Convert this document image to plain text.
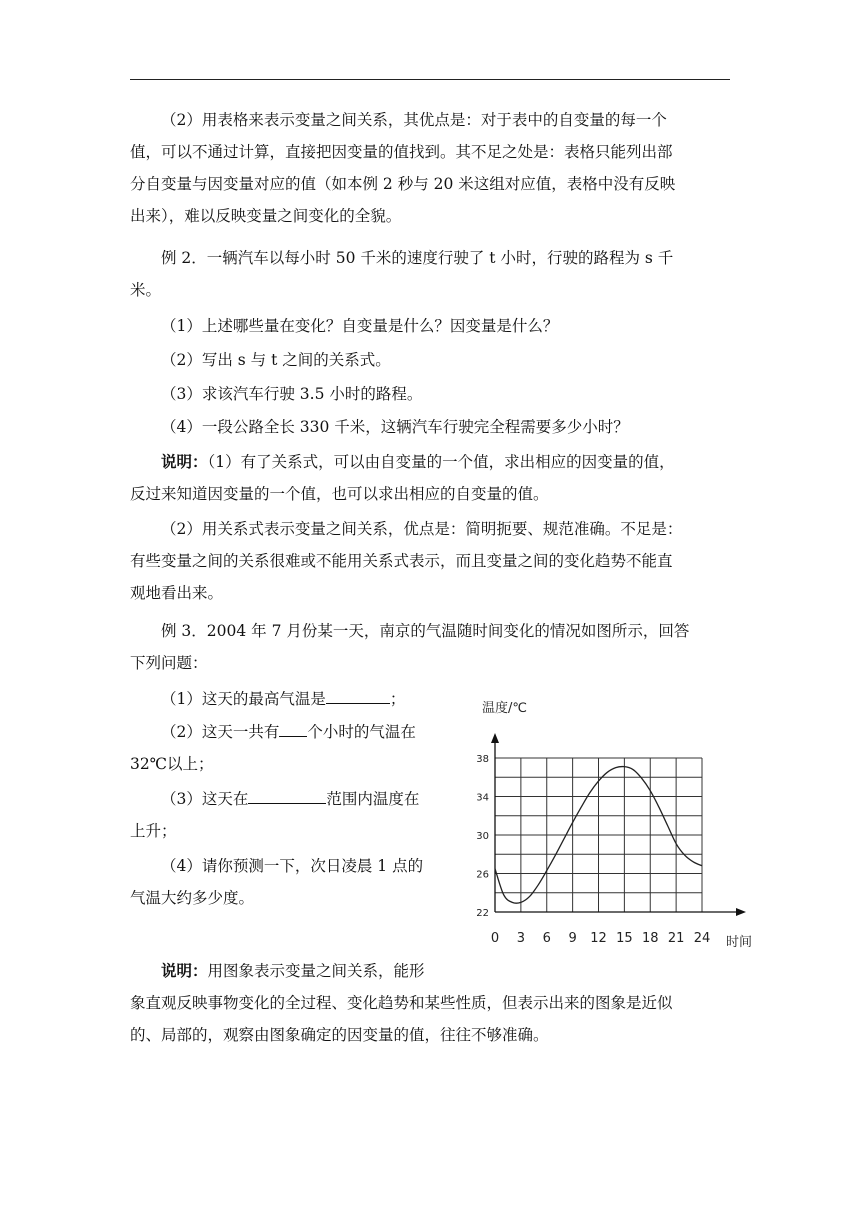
（2）用表格来表示变量之间关系，其优点是：对于表中的自变量的每一个

值，可以不通过计算，直接把因变量的值找到。其不足之处是：表格只能列出部

分自变量与因变量对应的值（如本例 2 秒与 20 米这组对应值，表格中没有反映

出来），难以反映变量之间变化的全貌。

例 2．一辆汽车以每小时 50 千米的速度行驶了 t 小时，行驶的路程为 s 千

米。

（1）上述哪些量在变化？自变量是什么？因变量是什么？

（2）写出 s 与 t 之间的关系式。

（3）求该汽车行驶 3.5 小时的路程。

（4）一段公路全长 330 千米，这辆汽车行驶完全程需要多少小时？

说明：（1）有了关系式，可以由自变量的一个值，求出相应的因变量的值，

反过来知道因变量的一个值，也可以求出相应的自变量的值。

（2）用关系式表示变量之间关系，优点是：简明扼要、规范准确。不足是：

有些变量之间的关系很难或不能用关系式表示，而且变量之间的变化趋势不能直

观地看出来。

例 3．2004 年 7 月份某一天，南京的气温随时间变化的情况如图所示，回答

下列问题：

（1）这天的最高气温是	；

（2）这天一共有 个小时的气温在

32℃以上；

（3）这天在	范围内温度在

上升；

（4）请你预测一下，次日凌晨 1 点的

气温大约多少度。

说明：用图象表示变量之间关系，能形

象直观反映事物变化的全过程、变化趋势和某些性质，但表示出来的图象是近似

的、局部的，观察由图象确定的因变量的值，往往不够准确。

温度/℃
0 3 6 9 12 15 18 21 24
22
26
30
34
38
时间
